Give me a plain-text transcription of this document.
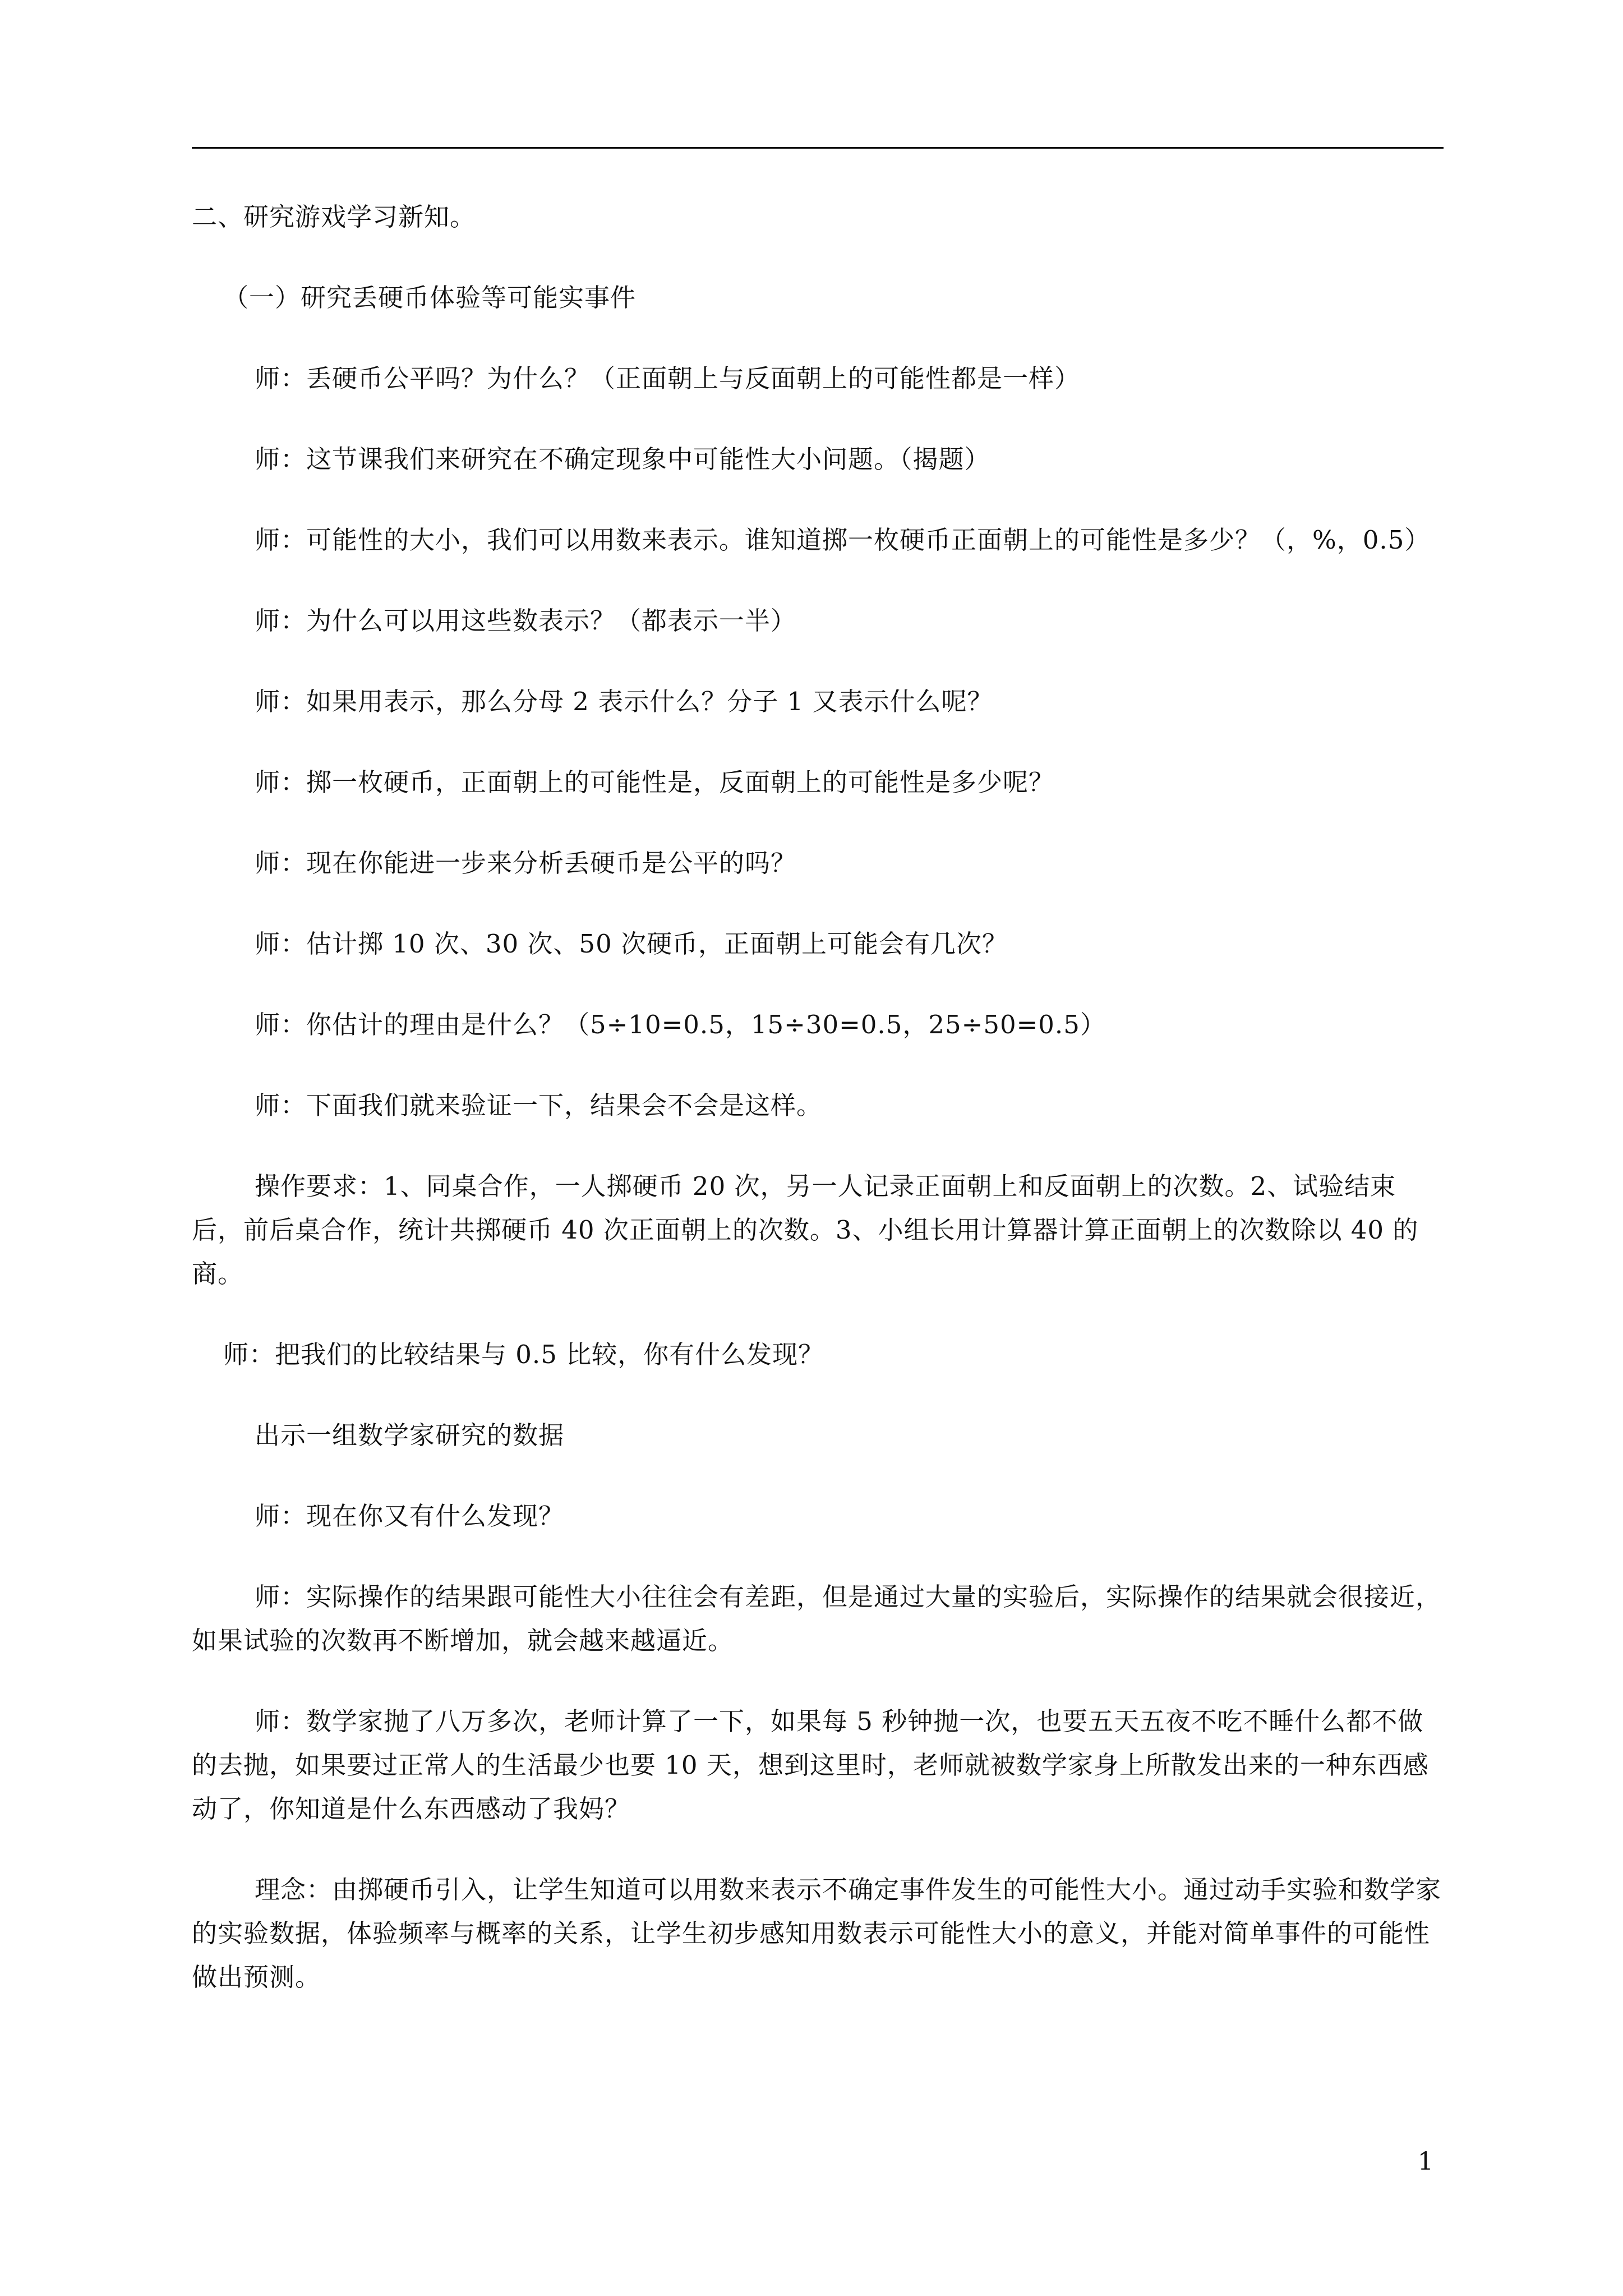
二、研究游戏学习新知。

（一）研究丢硬币体验等可能实事件

师：丢硬币公平吗？为什么？（正面朝上与反面朝上的可能性都是一样）

师：这节课我们来研究在不确定现象中可能性大小问题。（揭题）

师：可能性的大小，我们可以用数来表示。谁知道掷一枚硬币正面朝上的可能性是多少？（，%，0.5）

师：为什么可以用这些数表示？（都表示一半）

师：如果用表示，那么分母 2 表示什么？分子 1 又表示什么呢？

师：掷一枚硬币，正面朝上的可能性是，反面朝上的可能性是多少呢？

师：现在你能进一步来分析丢硬币是公平的吗？

师：估计掷 10 次、30 次、50 次硬币，正面朝上可能会有几次？

师：你估计的理由是什么？（5÷10=0.5，15÷30=0.5，25÷50=0.5）

师：下面我们就来验证一下，结果会不会是这样。

操作要求：1、同桌合作，一人掷硬币 20 次，另一人记录正面朝上和反面朝上的次数。2、试验结束后，前后桌合作，统计共掷硬币 40 次正面朝上的次数。3、小组长用计算器计算正面朝上的次数除以 40 的商。

师：把我们的比较结果与 0.5 比较，你有什么发现？

出示一组数学家研究的数据

师：现在你又有什么发现？

师：实际操作的结果跟可能性大小往往会有差距，但是通过大量的实验后，实际操作的结果就会很接近，如果试验的次数再不断增加，就会越来越逼近。

师：数学家抛了八万多次，老师计算了一下，如果每 5 秒钟抛一次，也要五天五夜不吃不睡什么都不做的去抛，如果要过正常人的生活最少也要 10 天，想到这里时，老师就被数学家身上所散发出来的一种东西感动了，你知道是什么东西感动了我妈？

理念：由掷硬币引入，让学生知道可以用数来表示不确定事件发生的可能性大小。通过动手实验和数学家的实验数据，体验频率与概率的关系，让学生初步感知用数表示可能性大小的意义，并能对简单事件的可能性做出预测。

1
